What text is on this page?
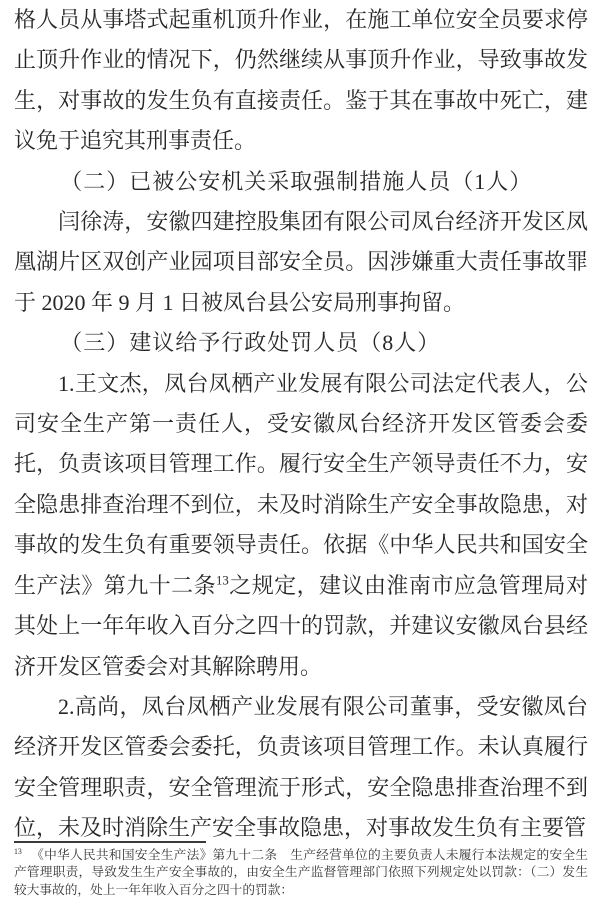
格人员从事塔式起重机顶升作业，在施工单位安全员要求停止顶升作业的情况下，仍然继续从事顶升作业，导致事故发生，对事故的发生负有直接责任。鉴于其在事故中死亡，建议免于追究其刑事责任。

（二）已被公安机关采取强制措施人员（1人）

闫徐涛，安徽四建控股集团有限公司凤台经济开发区凤凰湖片区双创产业园项目部安全员。因涉嫌重大责任事故罪于 2020 年 9 月 1 日被凤台县公安局刑事拘留。

（三）建议给予行政处罚人员（8人）

1.王文杰，凤台凤栖产业发展有限公司法定代表人，公司安全生产第一责任人，受安徽凤台经济开发区管委会委托，负责该项目管理工作。履行安全生产领导责任不力，安全隐患排查治理不到位，未及时消除生产安全事故隐患，对事故的发生负有重要领导责任。依据《中华人民共和国安全生产法》第九十二条$^{13}$之规定，建议由淮南市应急管理局对其处上一年年收入百分之四十的罚款，并建议安徽凤台县经济开发区管委会对其解除聘用。

2.高尚，凤台凤栖产业发展有限公司董事，受安徽凤台经济开发区管委会委托，负责该项目管理工作。未认真履行安全管理职责，安全管理流于形式，安全隐患排查治理不到位，未及时消除生产安全事故隐患，对事故发生负有主要管

$^{13}$ 《中华人民共和国安全生产法》第九十二条　生产经营单位的主要负责人未履行本法规定的安全生产管理职责，导致发生生产安全事故的，由安全生产监督管理部门依照下列规定处以罚款：（二）发生较大事故的，处上一年年收入百分之四十的罚款：
